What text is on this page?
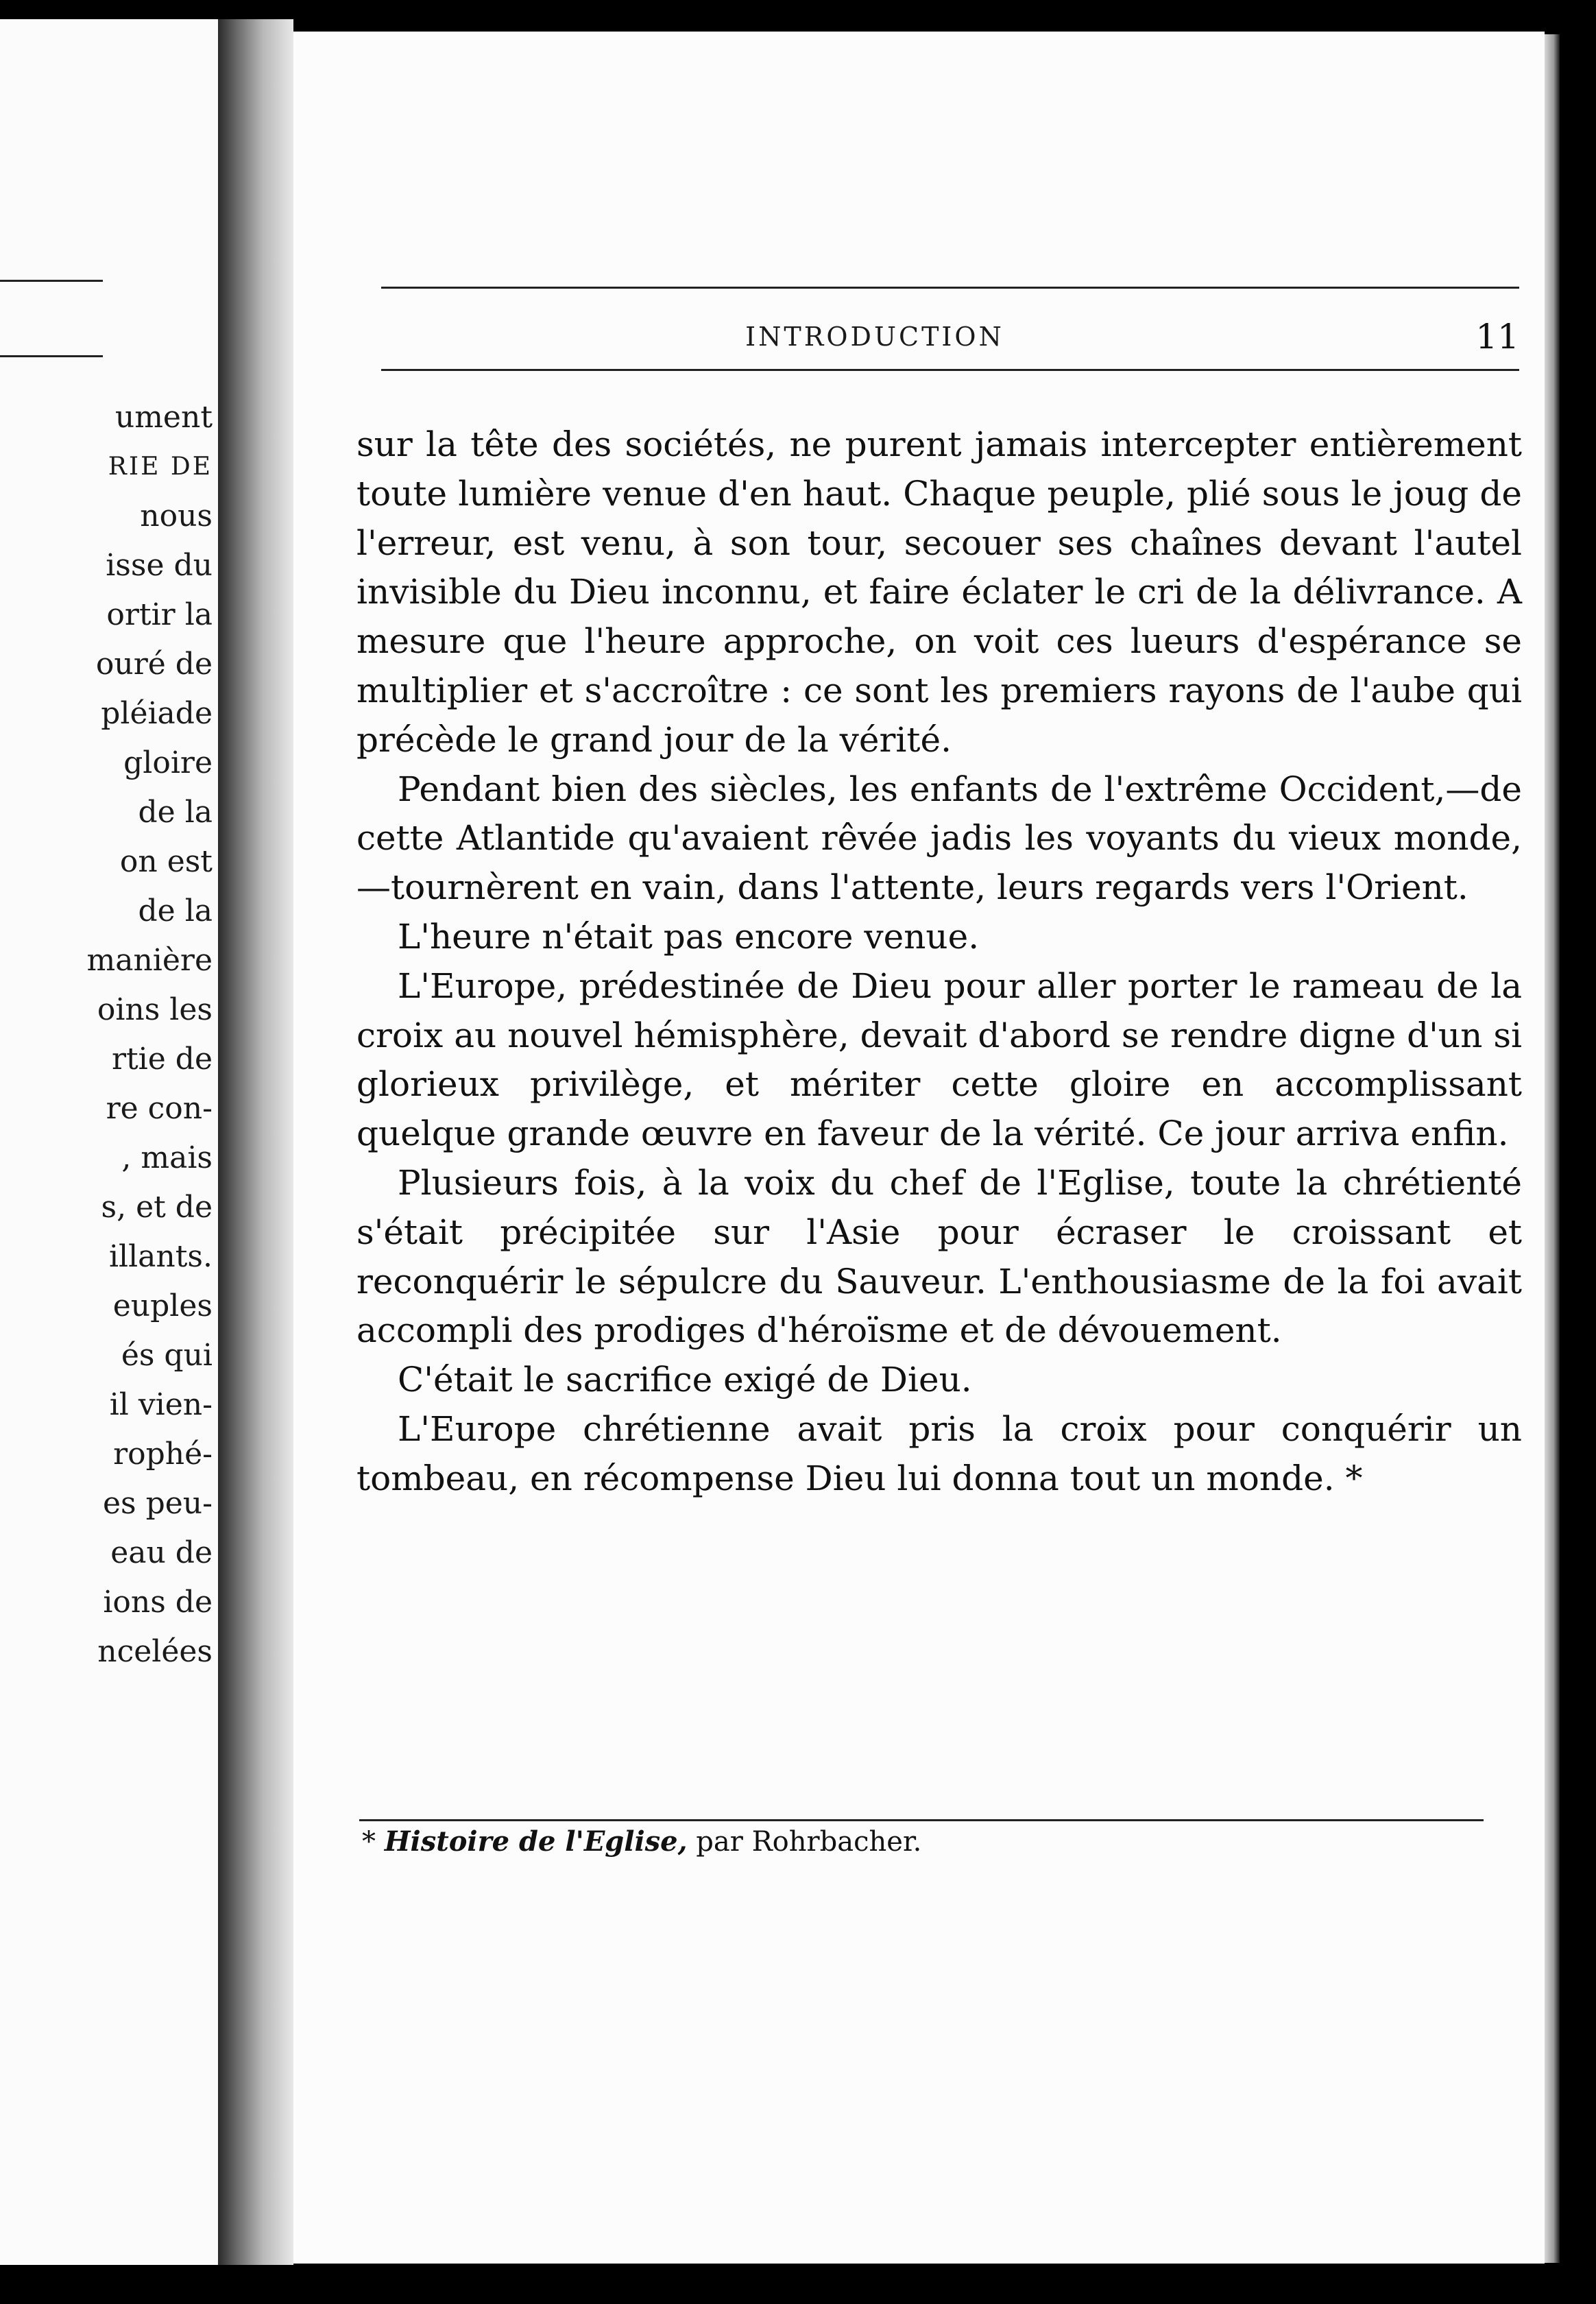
ument
RIE DE
nous
isse du
ortir la
ouré de
pléiade
gloire
de la
on est
de la
manière
oins les
rtie de
re con-
, mais
s, et de
illants.
euples
és qui
il vien-
rophé-
es peu-
eau de
ions de
ncelées
INTRODUCTION	11

sur la tête des sociétés, ne purent jamais intercepter entièrement toute lumière venue d'en haut. Chaque peuple, plié sous le joug de l'erreur, est venu, à son tour, secouer ses chaînes devant l'autel invisible du Dieu inconnu, et faire éclater le cri de la délivrance. A mesure que l'heure approche, on voit ces lueurs d'espérance se multiplier et s'accroître : ce sont les premiers rayons de l'aube qui précède le grand jour de la vérité.

Pendant bien des siècles, les enfants de l'extrême Occident,—de cette Atlantide qu'avaient rêvée jadis les voyants du vieux monde,—tournèrent en vain, dans l'attente, leurs regards vers l'Orient.

L'heure n'était pas encore venue.

L'Europe, prédestinée de Dieu pour aller porter le rameau de la croix au nouvel hémisphère, devait d'abord se rendre digne d'un si glorieux privilège, et mériter cette gloire en accomplissant quelque grande œuvre en faveur de la vérité. Ce jour arriva enfin.

Plusieurs fois, à la voix du chef de l'Eglise, toute la chrétienté s'était précipitée sur l'Asie pour écraser le croissant et reconquérir le sépulcre du Sauveur. L'enthousiasme de la foi avait accompli des prodiges d'héroïsme et de dévouement.

C'était le sacrifice exigé de Dieu.

L'Europe chrétienne avait pris la croix pour conquérir un tombeau, en récompense Dieu lui donna tout un monde. *

* Histoire de l'Eglise, par Rohrbacher.
